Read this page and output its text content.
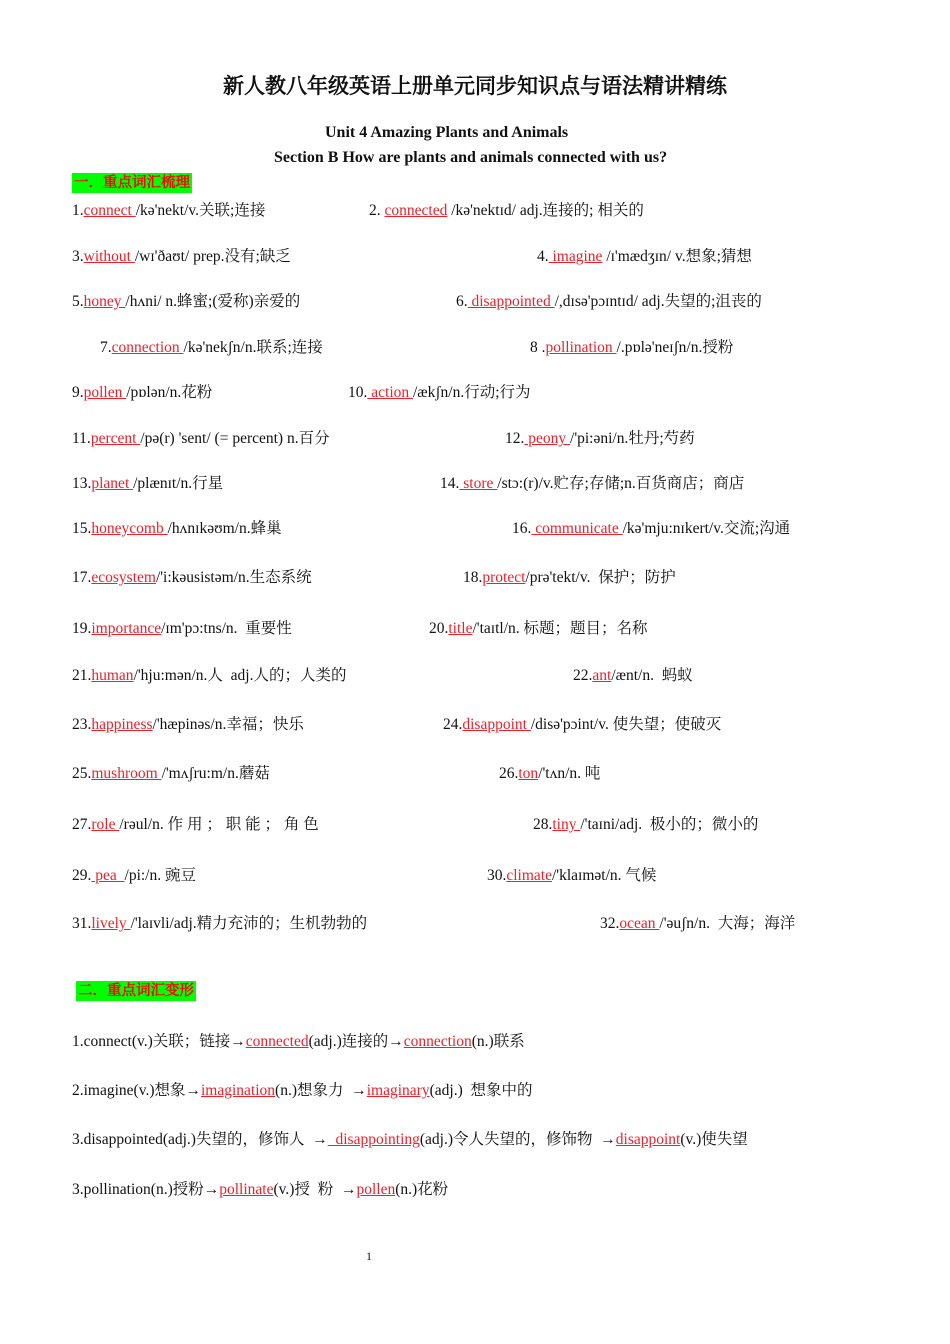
新人教八年级英语上册单元同步知识点与语法精讲精练
Unit 4 Amazing Plants and Animals
Section B How are plants and animals connected with us?
一．重点词汇梳理
1.connect /kə'nekt/v.关联;连接	2. connected /kə'nektɪd/ adj.连接的; 相关的
3.without /wɪ'ðaʊt/ prep.没有;缺乏	4. imagine /ɪ'mædʒɪn/ v.想象;猜想
5.honey /hʌni/ n.蜂蜜;(爱称)亲爱的	6. disappointed /,dɪsə'pɔɪntɪd/ adj.失望的;沮丧的
7.connection /kə'nekʃn/n.联系;连接	8 .pollination /.pɒlə'neɪʃn/n.授粉
9.pollen /pɒlən/n.花粉	10. action /ækʃn/n.行动;行为
11.percent /pə(r) 'sent/ (= percent) n.百分	12. peony /'pi:əni/n.牡丹;芍药
13.planet /plænɪt/n.行星	14. store /stɔ:(r)/v.贮存;存储;n.百货商店；商店
15.honeycomb /hʌnɪkəʊm/n.蜂巢	16. communicate /kə'mju:nɪkert/v.交流;沟通
17.ecosystem/'i:kəusistəm/n.生态系统	18.protect/prə'tekt/v.  保护；防护
19.importance/ɪm'pɔ:tns/n.  重要性	20.title/'taɪtl/n. 标题；题目；名称
21.human/'hju:mən/n.人  adj.人的；人类的	22.ant/ænt/n.  蚂蚁
23.happiness/'hæpinəs/n.幸福；快乐	24.disappoint /disə'pɔint/v. 使失望；使破灭
25.mushroom /'mʌʃru:m/n.蘑菇	26.ton/'tʌn/n. 吨
27.role /rəul/n. 作 用 ； 职 能 ； 角 色	28.tiny /'taɪni/adj.  极小的；微小的
29. pea  /pi:/n. 豌豆	30.climate/'klaɪmət/n. 气候
31.lively /'laɪvli/adj.精力充沛的；生机勃勃的	32.ocean /'əuʃn/n.  大海；海洋
二．重点词汇变形
1.connect(v.)关联；链接→connected(adj.)连接的→connection(n.)联系
2.imagine(v.)想象→imagination(n.)想象力  →imaginary(adj.)  想象中的
3.disappointed(adj.)失望的，修饰人  →  disappointing(adj.)令人失望的，修饰物  →disappoint(v.)使失望
3.pollination(n.)授粉→pollinate(v.)授  粉  →pollen(n.)花粉
1
